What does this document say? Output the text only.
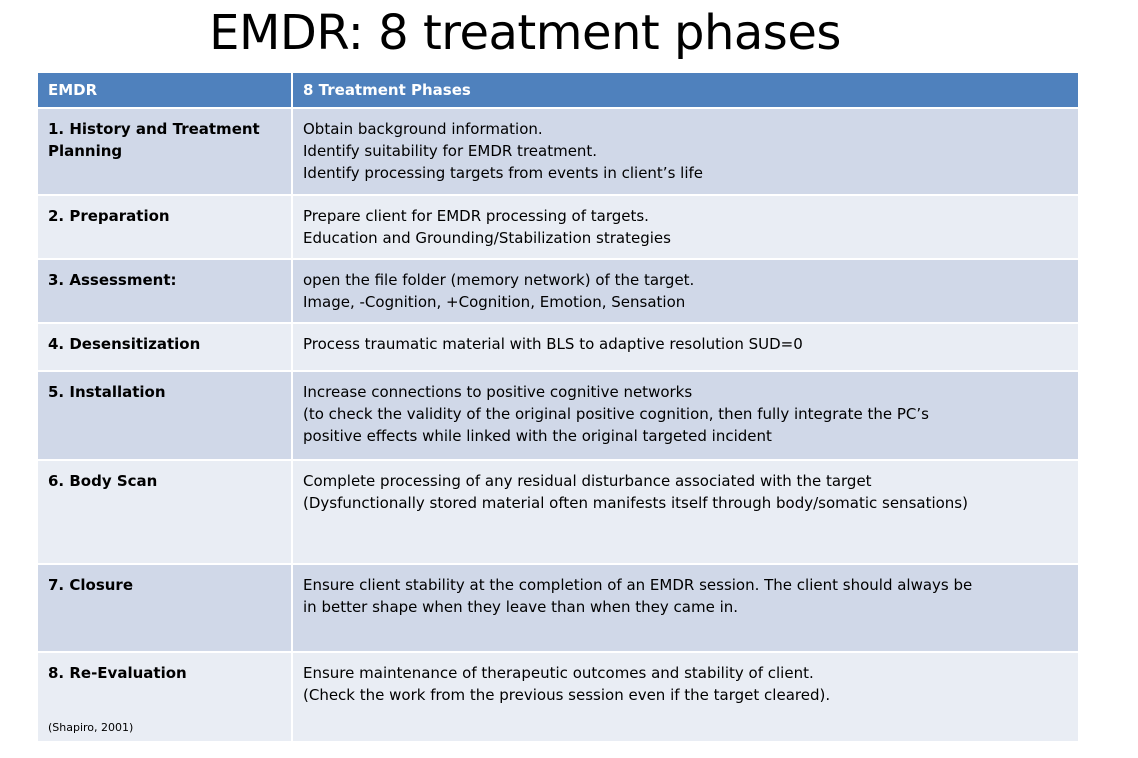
EMDR: 8 treatment phases
EMDR	8 Treatment Phases
1. History and Treatment Planning	Obtain background information.
Identify suitability for EMDR treatment.
Identify processing targets from events in client’s life

2. Preparation	Prepare client for EMDR processing of targets.
Education and Grounding/Stabilization strategies

3. Assessment:	open the file folder (memory network) of the target.
Image, -Cognition, +Cognition, Emotion, Sensation

4. Desensitization	Process traumatic material with BLS to adaptive resolution SUD=0

5. Installation	Increase connections to positive cognitive networks
(to check the validity of the original positive cognition, then fully integrate the PC’s
positive effects while linked with the original targeted incident

6. Body Scan	Complete processing of any residual disturbance associated with the target
(Dysfunctionally stored material often manifests itself through body/somatic sensations)

7. Closure	Ensure client stability at the completion of an EMDR session. The client should always be
in better shape when they leave than when they came in.

8. Re-Evaluation
(Shapiro, 2001)	Ensure maintenance of therapeutic outcomes and stability of client.
(Check the work from the previous session even if the target cleared).
